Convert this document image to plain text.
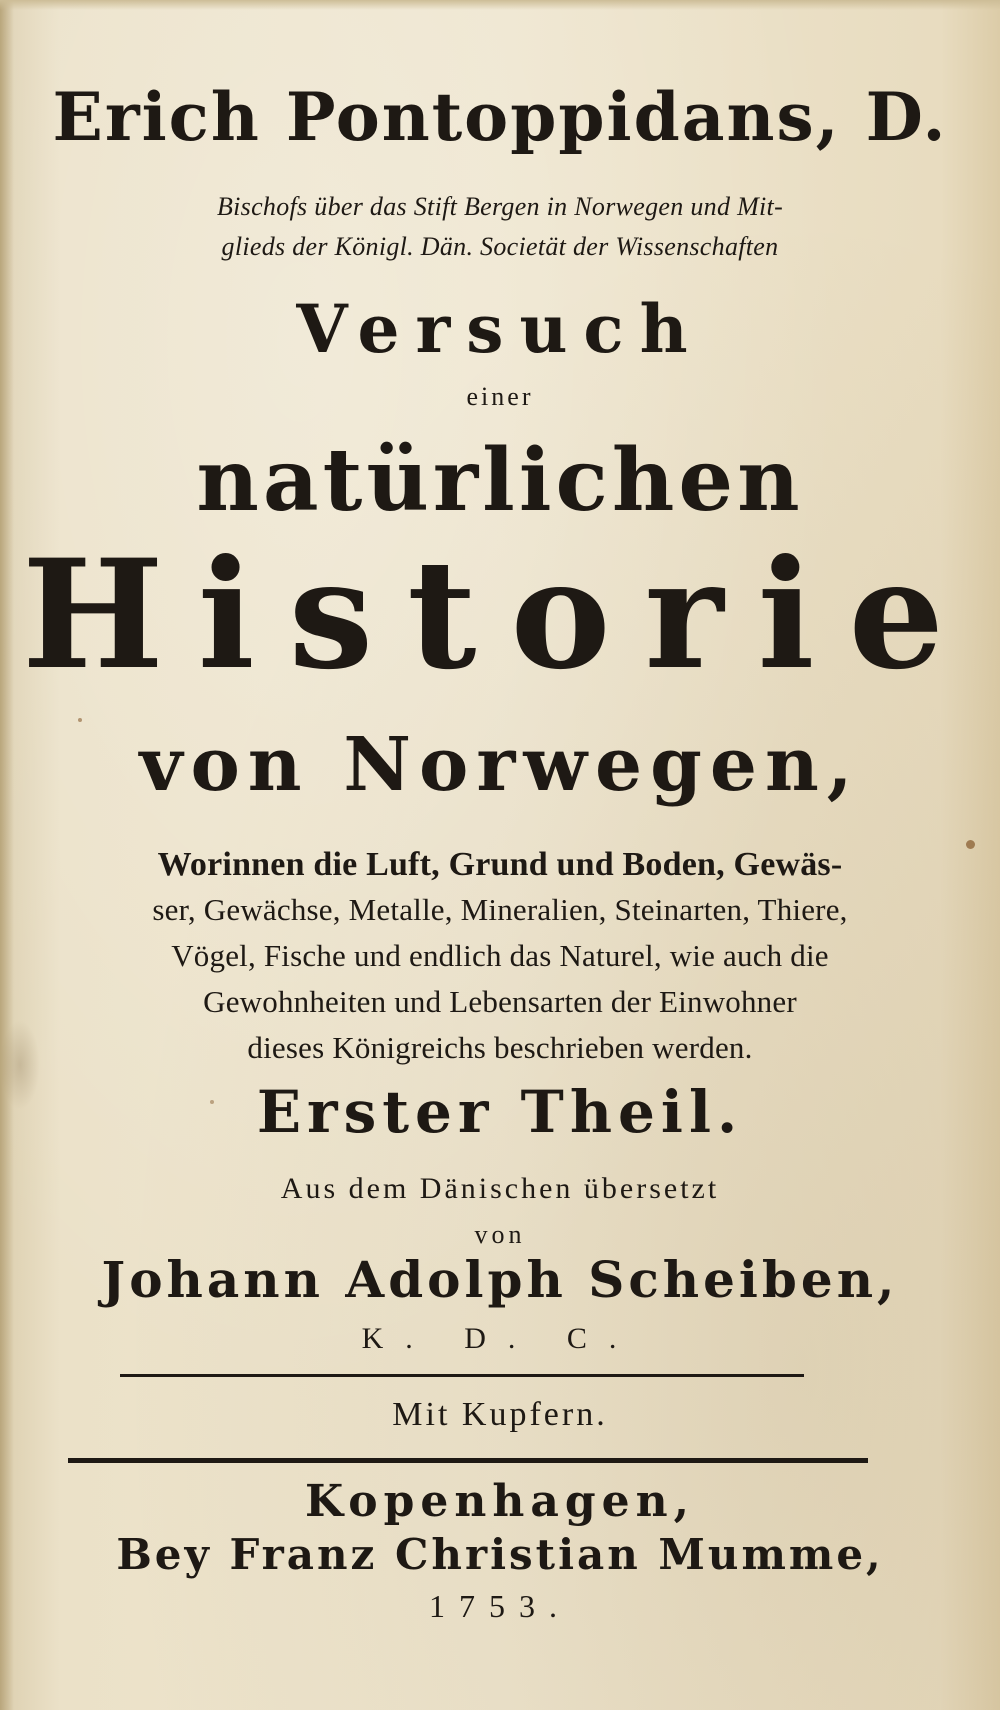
Erich Pontoppidans, D.

Bischofs über das Stift Bergen in Norwegen und Mit-

glieds der Königl. Dän. Societät der Wissenschaften

Versuch

einer

natürlichen

Historie

von Norwegen,

Worinnen die Luft, Grund und Boden, Gewäs-

ser, Gewächse, Metalle, Mineralien, Steinarten, Thiere,

Vögel, Fische und endlich das Naturel, wie auch die

Gewohnheiten und Lebensarten der Einwohner

dieses Königreichs beschrieben werden.

Erster Theil.

Aus dem Dänischen übersetzt

von

Johann Adolph Scheiben,

K. D. C.

Mit Kupfern.

Kopenhagen,

Bey Franz Christian Mumme,

1753.
